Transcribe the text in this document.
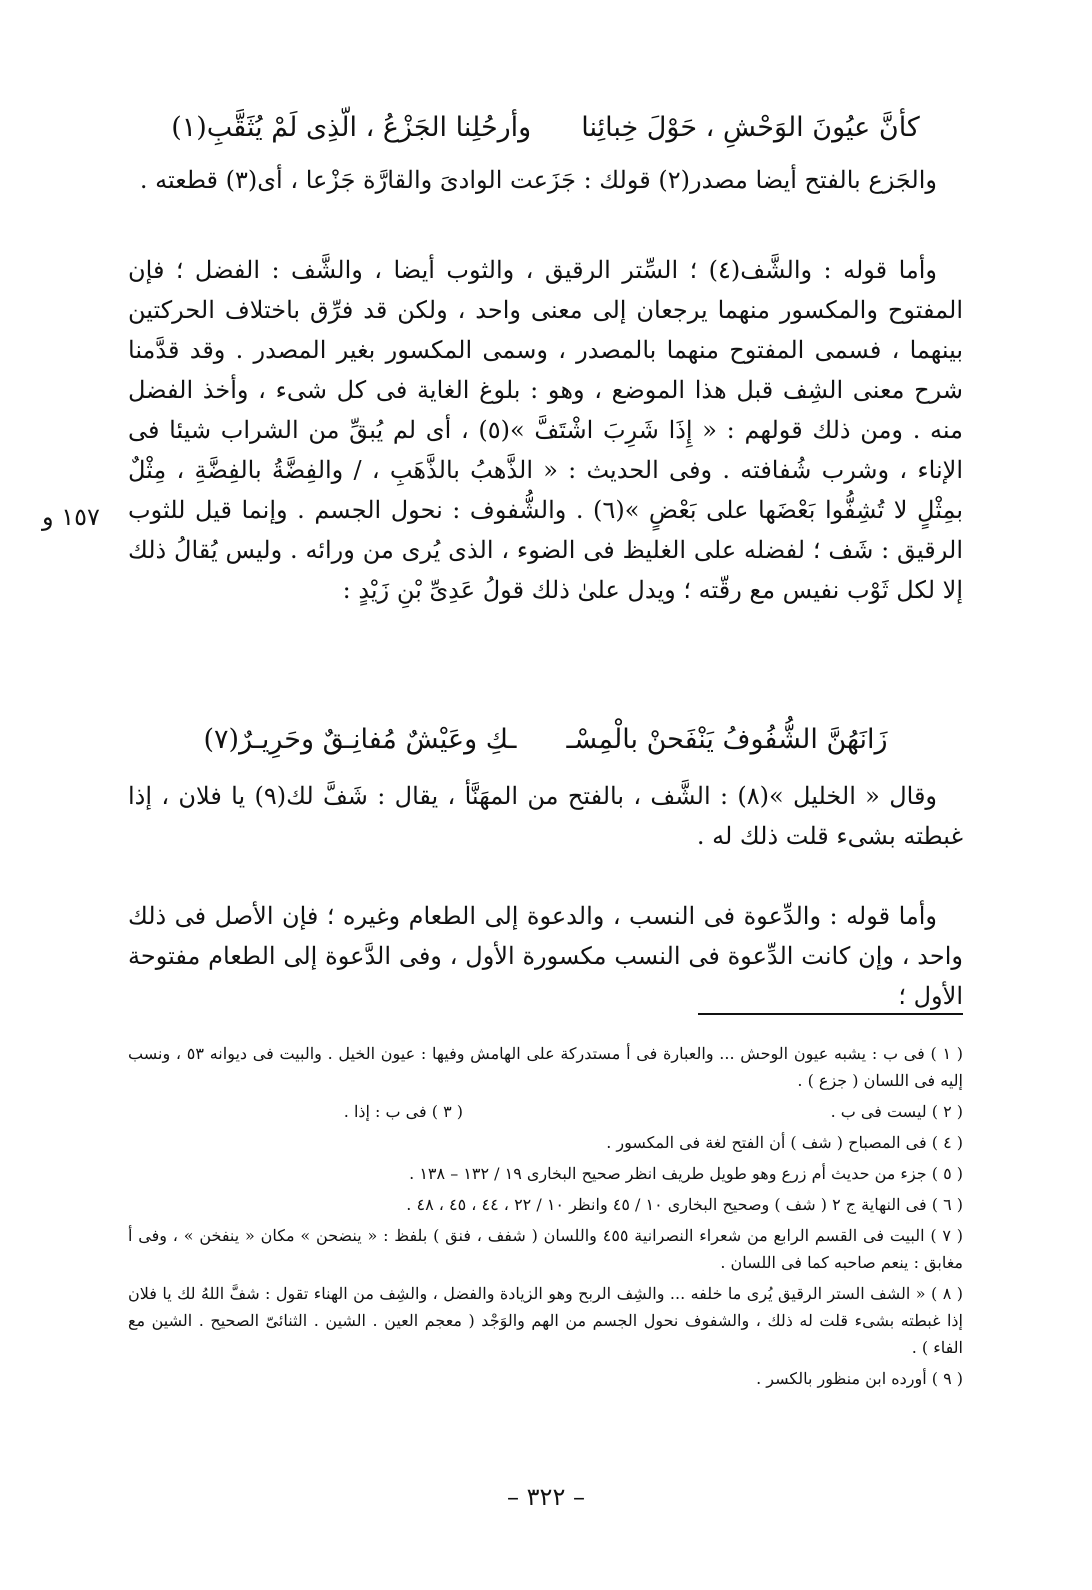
كأنَّ عيُونَ الوَحْشِ ، حَوْلَ خِبائِناوأرحُلِنا الجَزْعُ ، الّذِى لَمْ يُثَقَّبِ(١)
والجَزع بالفتح أيضا مصدر(٢) قولك : جَزَعت الوادىَ والقارَّة جَزْعا ، أى(٣) قطعته .

وأما قوله : والشَّف(٤) ؛ السِّتر الرقيق ، والثوب أيضا ، والشَّف : الفضل ؛ فإن المفتوح والمكسور منهما يرجعان إلى معنى واحد ، ولكن قد فرِّق باختلاف الحركتين بينهما ، فسمى المفتوح منهما بالمصدر ، وسمى المكسور بغير المصدر . وقد قدَّمنا شرح معنى الشِف قبل هذا الموضع ، وهو : بلوغ الغاية فى كل شىء ، وأخذ الفضل منه . ومن ذلك قولهم : « إِذَا شَرِبَ اشْتَفَّ »(٥) ، أى لم يُبقِّ من الشراب شيئا فى الإناء ، وشرب شُفافته . وفى الحديث : « الذَّهبُ بالذَّهَبِ ، / والفِضَّةُ بالفِضَّةِ ، مِثْلٌ بمِثْلٍ لا تُشِفُّوا بَعْضَها على بَعْضٍ »(٦) . والشُّفوف : نحول الجسم . وإنما قيل للثوب الرقيق : شَف ؛ لفضله على الغليظ فى الضوء ، الذى يُرى من ورائه . وليس يُقالُ ذلك إلا لكل ثَوْب نفيس مع رقّته ؛ ويدل علىٰ ذلك قولُ عَدِىِّ بْنِ زَيْدٍ :

١٥٧ و
زَانَهُنَّ الشُّفُوفُ يَنْفَحنْ بالْمِسْــكِ وعَيْشٌ مُفانِـقٌ وحَرِيـرٌ(٧)

وقال « الخليل »(٨) : الشَّف ، بالفتح من المهَنَّأ ، يقال : شَفَّ لك(٩) يا فلان ، إذا غبطته بشىء قلت ذلك له .

وأما قوله : والدِّعوة فى النسب ، والدعوة إلى الطعام وغيره ؛ فإن الأصل فى ذلك واحد ، وإن كانت الدِّعوة فى النسب مكسورة الأول ، وفى الدَّعوة إلى الطعام مفتوحة الأول ؛

( ١ ) فى ب : يشبه عيون الوحش ... والعبارة فى أ مستدركة على الهامش وفيها : عيون الخيل . والبيت فى ديوانه ٥٣ ، ونسب إليه فى اللسان ( جزع ) .

( ٢ ) ليست فى ب .
( ٣ ) فى ب : إذا .

( ٤ ) فى المصباح ( شف ) أن الفتح لغة فى المكسور .

( ٥ ) جزء من حديث أم زرع وهو طويل طريف انظر صحيح البخارى ١٩ / ١٣٢ – ١٣٨ .

( ٦ ) فى النهاية ج ٢ ( شف ) وصحيح البخارى ١٠ / ٤٥ وانظر ١٠ / ٢٢ ، ٤٤ ، ٤٥ ، ٤٨ .

( ٧ ) البيت فى القسم الرابع من شعراء النصرانية ٤٥٥ واللسان ( شفف ، فنق ) بلفظ : « ينضحن » مكان « ينفخن » ، وفى أ مغابق : ينعم صاحبه كما فى اللسان .

( ٨ ) « الشف الستر الرقيق يُرى ما خلفه ... والشِف الربح وهو الزيادة والفضل ، والشِف من الهناء تقول : شفَّ اللهُ لك يا فلان إذا غبطته بشىء قلت له ذلك ، والشفوف نحول الجسم من الهم والوَجْد ( معجم العين . الشين . الثنائىّ الصحيح . الشين مع الفاء ) .

( ٩ ) أورده ابن منظور بالكسر .

– ٣٢٢ –
